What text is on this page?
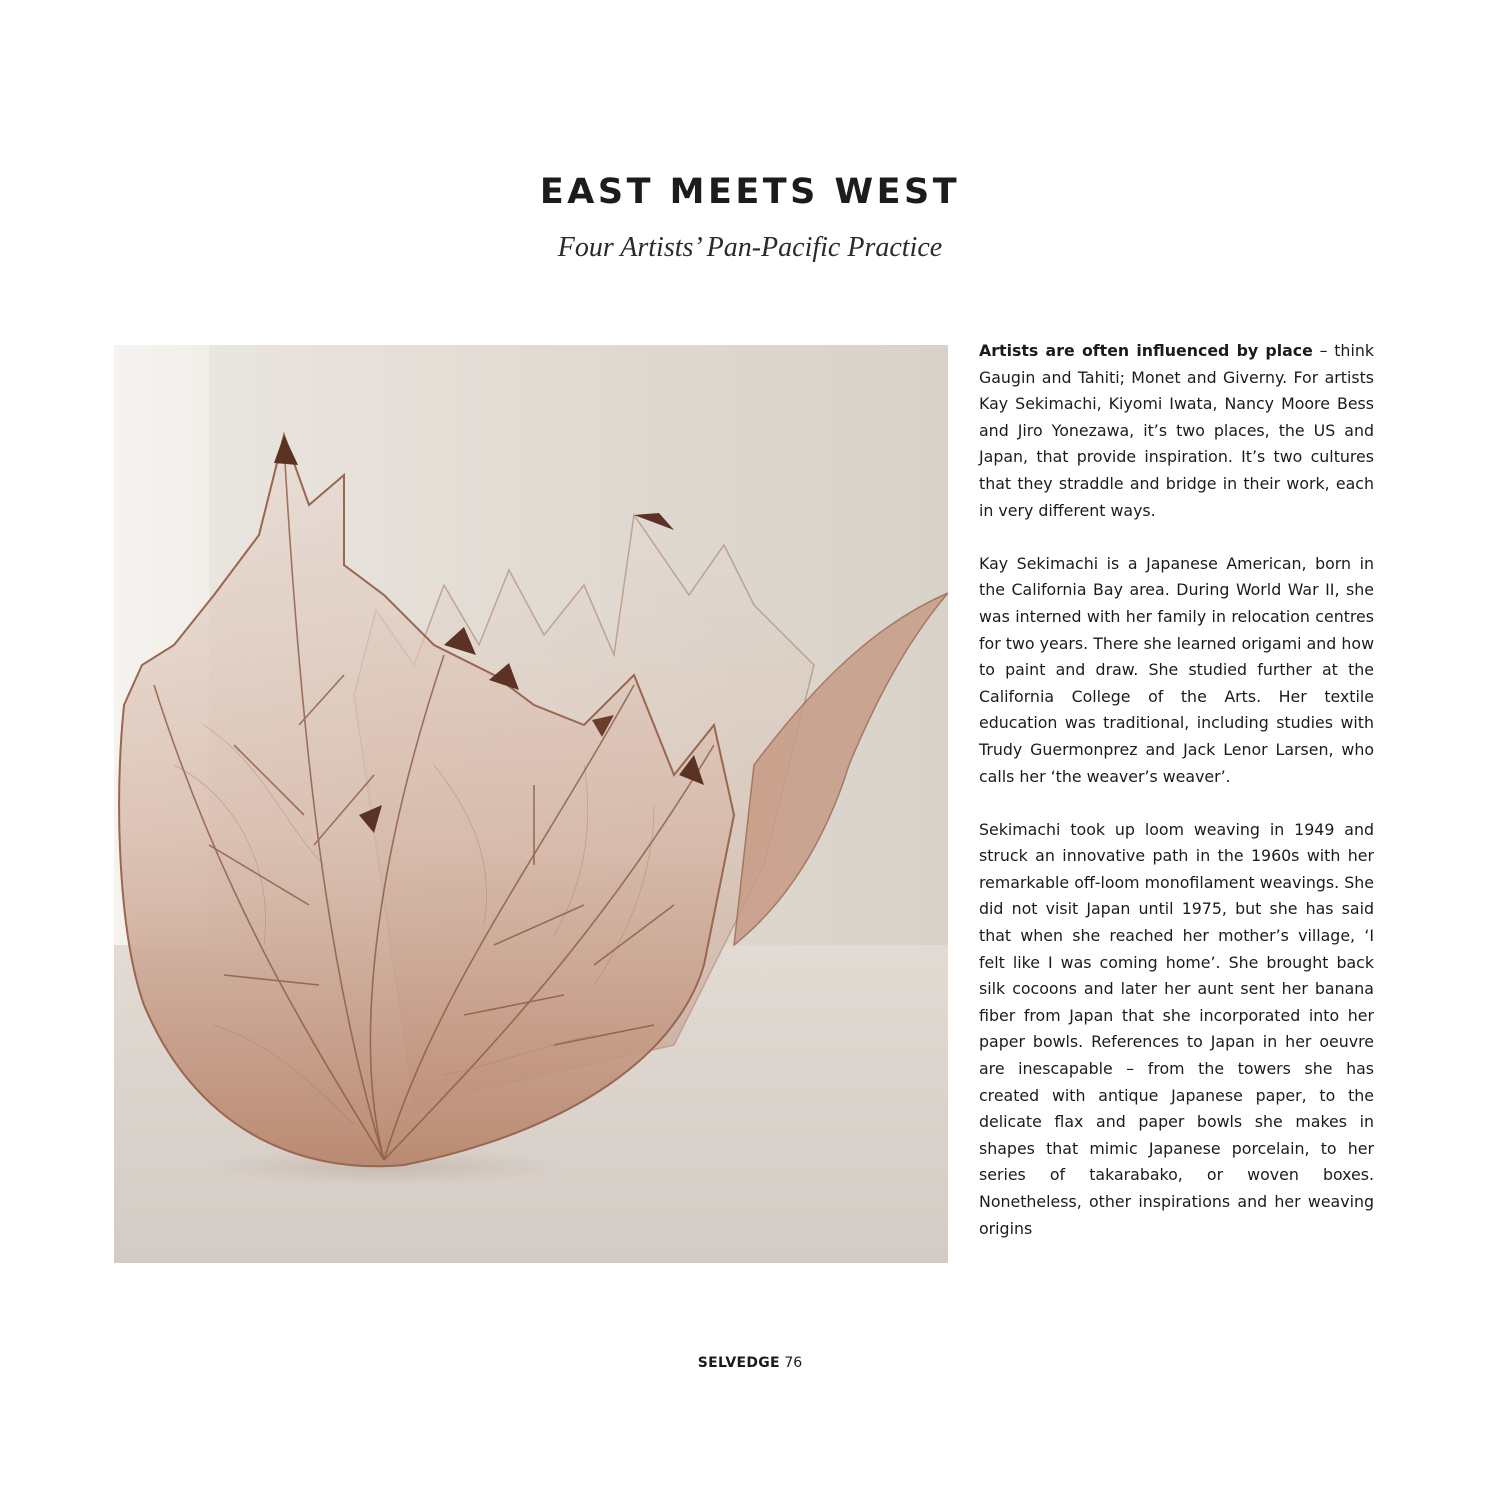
EAST MEETS WEST
Four Artists’ Pan-Pacific Practice

Artists are often influenced by place – think Gaugin and Tahiti; Monet and Giverny. For artists Kay Sekimachi, Kiyomi Iwata, Nancy Moore Bess and Jiro Yonezawa, it’s two places, the US and Japan, that provide inspiration. It’s two cultures that they straddle and bridge in their work, each in very different ways.

Kay Sekimachi is a Japanese American, born in the California Bay area. During World War II, she was interned with her family in relocation centres for two years. There she learned origami and how to paint and draw. She studied further at the California College of the Arts. Her textile education was traditional, including studies with Trudy Guermonprez and Jack Lenor Larsen, who calls her ‘the weaver’s weaver’.

Sekimachi took up loom weaving in 1949 and struck an innovative path in the 1960s with her remarkable off-loom monofilament weavings. She did not visit Japan until 1975, but she has said that when she reached her mother’s village, ‘I felt like I was coming home’. She brought back silk cocoons and later her aunt sent her banana fiber from Japan that she incorporated into her paper bowls. References to Japan in her oeuvre are inescapable – from the towers she has created with antique Japanese paper, to the delicate flax and paper bowls she makes in shapes that mimic Japanese porcelain, to her series of takarabako, or woven boxes. Nonetheless, other inspirations and her weaving origins

SELVEDGE 76
